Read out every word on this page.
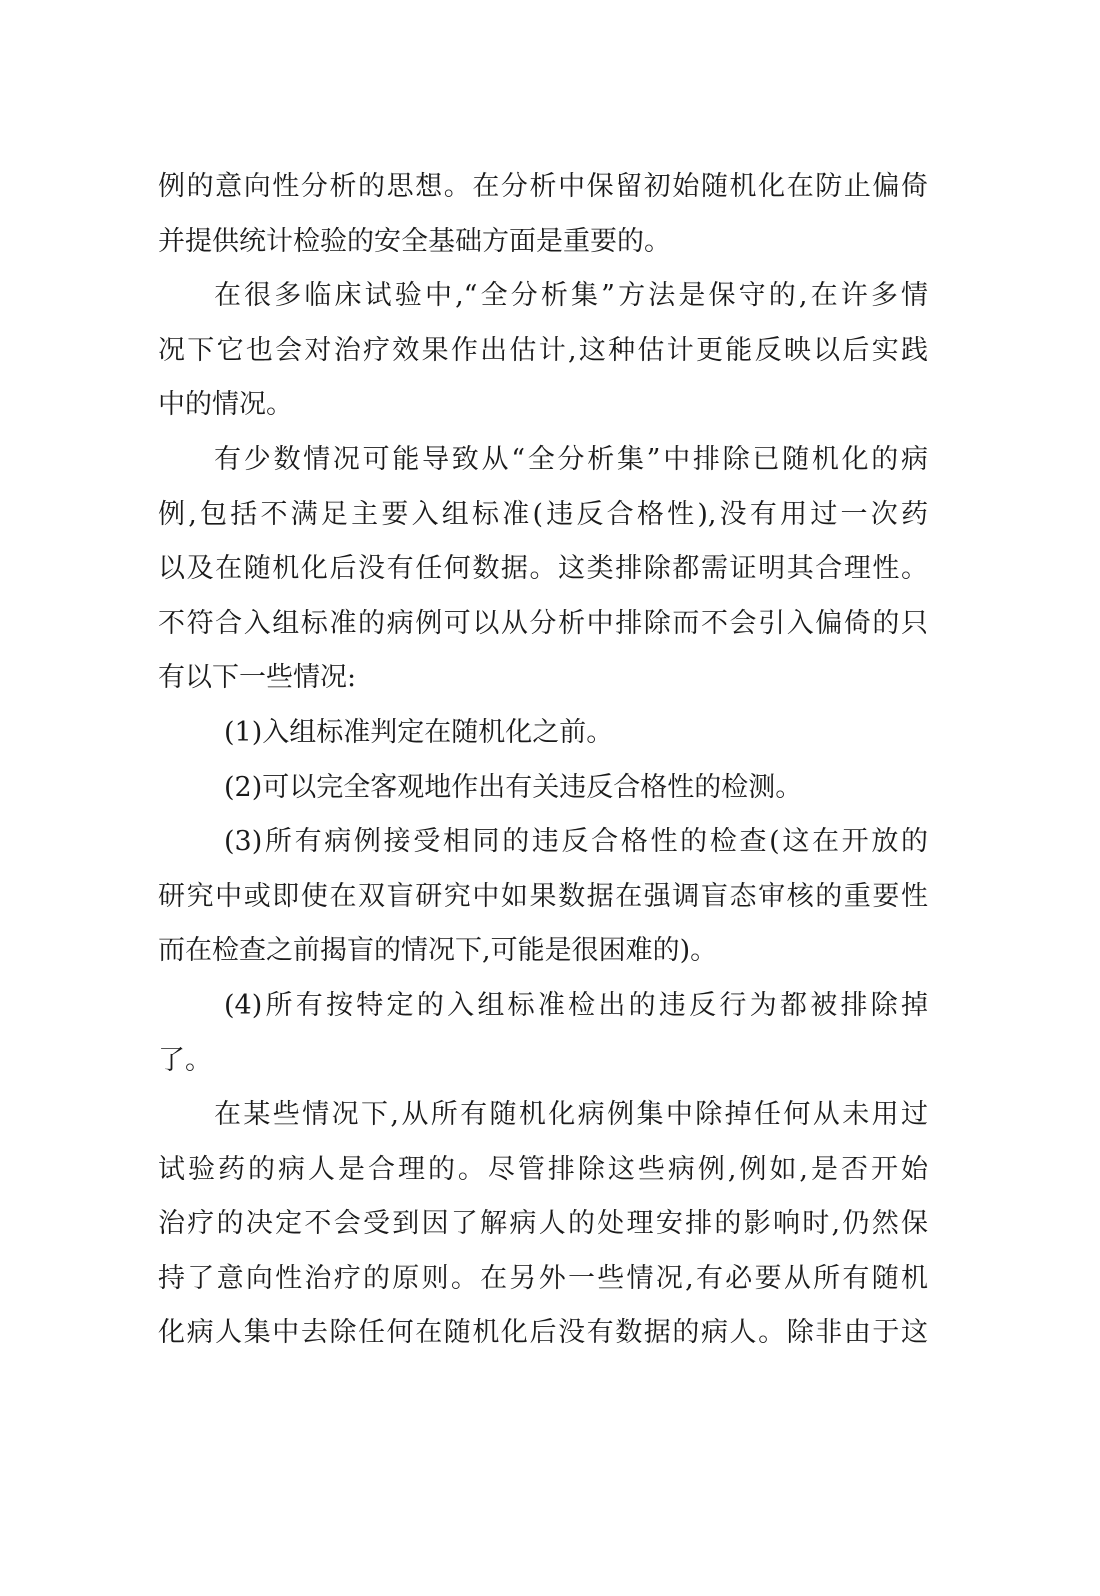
例的意向性分析的思想。在分析中保留初始随机化在防止偏倚
并提供统计检验的安全基础方面是重要的。
在很多临床试验中,“全分析集”方法是保守的,在许多情
况下它也会对治疗效果作出估计,这种估计更能反映以后实践
中的情况。
有少数情况可能导致从“全分析集”中排除已随机化的病
例,包括不满足主要入组标准(违反合格性),没有用过一次药
以及在随机化后没有任何数据。这类排除都需证明其合理性。
不符合入组标准的病例可以从分析中排除而不会引入偏倚的只
有以下一些情况:
(1)入组标准判定在随机化之前。
(2)可以完全客观地作出有关违反合格性的检测。
(3)所有病例接受相同的违反合格性的检查(这在开放的
研究中或即使在双盲研究中如果数据在强调盲态审核的重要性
而在检查之前揭盲的情况下,可能是很困难的)。
(4)所有按特定的入组标准检出的违反行为都被排除掉
了。
在某些情况下,从所有随机化病例集中除掉任何从未用过
试验药的病人是合理的。尽管排除这些病例,例如,是否开始
治疗的决定不会受到因了解病人的处理安排的影响时,仍然保
持了意向性治疗的原则。在另外一些情况,有必要从所有随机
化病人集中去除任何在随机化后没有数据的病人。除非由于这
